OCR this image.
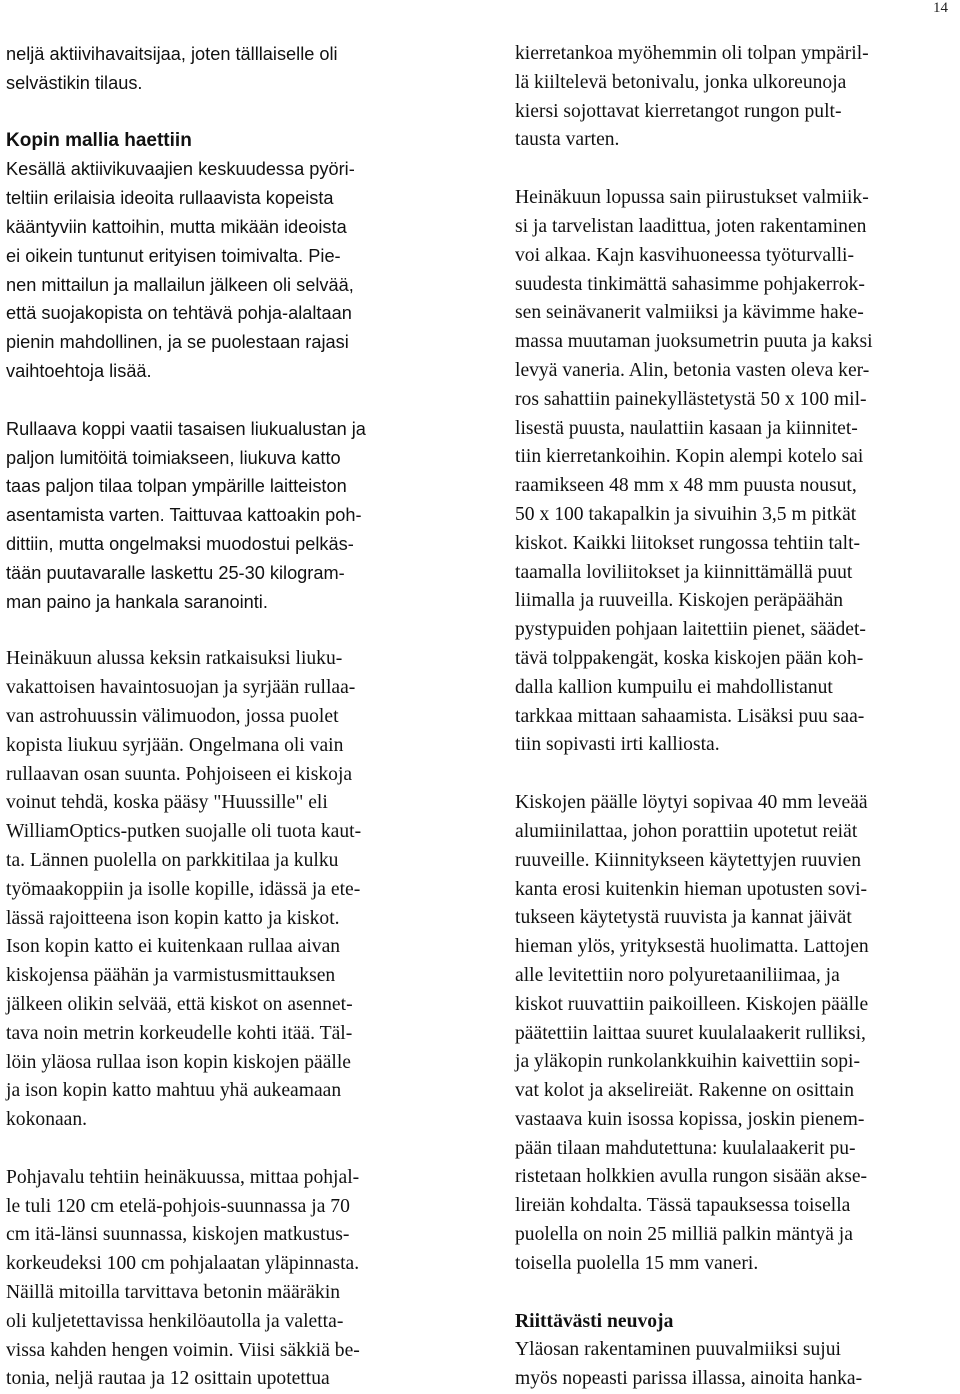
14
neljä aktiivihavaitsijaa, joten tälllaiselle oli
selvästikin tilaus.
Kopin mallia haettiin
Kesällä aktiivikuvaajien keskuudessa pyöri-
teltiin erilaisia ideoita rullaavista kopeista
kääntyviin kattoihin, mutta mikään ideoista
ei oikein tuntunut erityisen toimivalta. Pie-
nen mittailun ja mallailun jälkeen oli selvää,
että suojakopista on tehtävä pohja-alaltaan
pienin mahdollinen, ja se puolestaan rajasi
vaihtoehtoja lisää.
Rullaava koppi vaatii tasaisen liukualustan ja
paljon lumitöitä toimiakseen, liukuva katto
taas paljon tilaa tolpan ympärille laitteiston
asentamista varten. Taittuvaa kattoakin poh-
dittiin, mutta ongelmaksi muodostui pelkäs-
tään puutavaralle laskettu 25-30 kilogram-
man paino ja hankala saranointi.
Heinäkuun alussa keksin ratkaisuksi liuku-
vakattoisen havaintosuojan ja syrjään rullaa-
van astrohuussin välimuodon, jossa puolet
kopista liukuu syrjään. Ongelmana oli vain
rullaavan osan suunta. Pohjoiseen ei kiskoja
voinut tehdä, koska pääsy "Huussille" eli
WilliamOptics-putken suojalle oli tuota kaut-
ta. Lännen puolella on parkkitilaa ja kulku
työmaakoppiin ja isolle kopille, idässä ja ete-
lässä rajoitteena ison kopin katto ja kiskot.
Ison kopin katto ei kuitenkaan rullaa aivan
kiskojensa päähän ja varmistusmittauksen
jälkeen olikin selvää, että kiskot on asennet-
tava noin metrin korkeudelle kohti itää. Täl-
löin yläosa rullaa ison kopin kiskojen päälle
ja ison kopin katto mahtuu yhä aukeamaan
kokonaan.
Pohjavalu tehtiin heinäkuussa, mittaa pohjal-
le tuli 120 cm etelä-pohjois-suunnassa ja 70
cm itä-länsi suunnassa, kiskojen matkustus-
korkeudeksi 100 cm pohjalaatan yläpinnasta.
Näillä mitoilla tarvittava betonin määräkin
oli kuljetettavissa henkilöautolla ja valetta-
vissa kahden hengen voimin. Viisi säkkiä be-
tonia, neljä rautaa ja 12 osittain upotettua
kierretankoa myöhemmin oli tolpan ympäril-
lä kiiltelevä betonivalu, jonka ulkoreunoja
kiersi sojottavat kierretangot rungon pult-
tausta varten.
Heinäkuun lopussa sain piirustukset valmiik-
si ja tarvelistan laadittua, joten rakentaminen
voi alkaa. Kajn kasvihuoneessa työturvalli-
suudesta tinkimättä sahasimme pohjakerrok-
sen seinävanerit valmiiksi ja kävimme hake-
massa muutaman juoksumetrin puuta ja kaksi
levyä vaneria. Alin, betonia vasten oleva ker-
ros sahattiin painekyllästetystä 50 x 100 mil-
lisestä puusta, naulattiin kasaan ja kiinnitet-
tiin kierretankoihin. Kopin alempi kotelo sai
raamikseen 48 mm x 48 mm puusta nousut,
50 x 100 takapalkin ja sivuihin 3,5 m pitkät
kiskot. Kaikki liitokset rungossa tehtiin talt-
taamalla loviliitokset ja kiinnittämällä puut
liimalla ja ruuveilla. Kiskojen peräpäähän
pystypuiden pohjaan laitettiin pienet, säädet-
tävä tolppakengät, koska kiskojen pään koh-
dalla kallion kumpuilu ei mahdollistanut
tarkkaa mittaan sahaamista. Lisäksi puu saa-
tiin sopivasti irti kalliosta.
Kiskojen päälle löytyi sopivaa 40 mm leveää
alumiinilattaa, johon porattiin upotetut reiät
ruuveille. Kiinnitykseen käytettyjen ruuvien
kanta erosi kuitenkin hieman upotusten sovi-
tukseen käytetystä ruuvista ja kannat jäivät
hieman ylös, yrityksestä huolimatta. Lattojen
alle levitettiin noro polyuretaaniliimaa, ja
kiskot ruuvattiin paikoilleen. Kiskojen päälle
päätettiin laittaa suuret kuulalaakerit rulliksi,
ja yläkopin runkolankkuihin kaivettiin sopi-
vat kolot ja akselireiät. Rakenne on osittain
vastaava kuin isossa kopissa, joskin pienem-
pään tilaan mahdutettuna: kuulalaakerit pu-
ristetaan holkkien avulla rungon sisään akse-
lireiän kohdalta. Tässä tapauksessa toisella
puolella on noin 25 milliä palkin mäntyä ja
toisella puolella 15 mm vaneri.
Riittävästi neuvoja
Yläosan rakentaminen puuvalmiiksi sujui
myös nopeasti parissa illassa, ainoita hanka-
